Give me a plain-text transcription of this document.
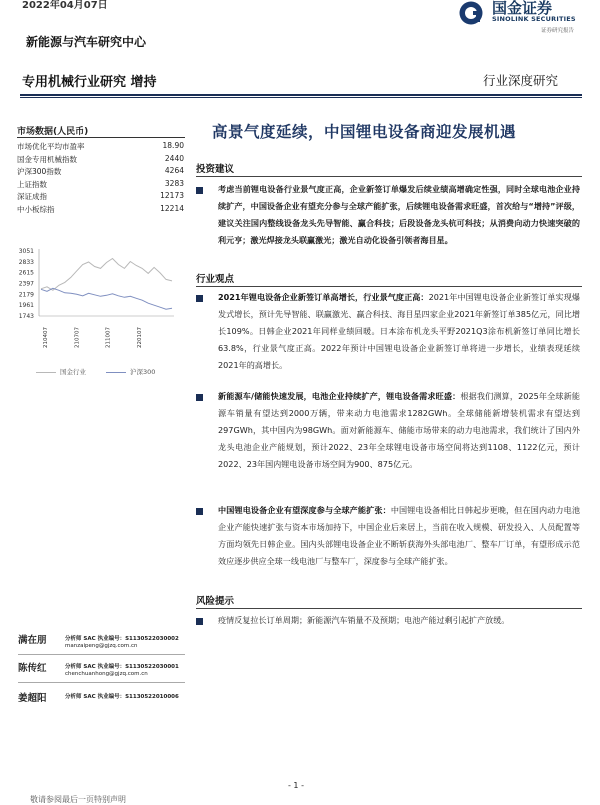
2022年04月07日
新能源与汽车研究中心
国金证券
SINOLINK SECURITIES
证券研究报告
专用机械行业研究 增持	行业深度研究
市场数据(人民币)
市场优化平均市盈率	18.90
国金专用机械指数	2440
沪深300指数	4264
上证指数	3283
深证成指	12173
中小板综指	12214
3051
2833
2615
2397
2179
1961
1743
210407	210707	211007	220107
国金行业	沪深300
高景气度延续，中国锂电设备商迎发展机遇
投资建议
考虑当前锂电设备行业景气度正高，企业新签订单爆发后续业绩高增确定性强，同时全球电池企业持续扩产，中国设备企业有望充分参与全球产能扩张，后续锂电设备需求旺盛，首次给与“增持”评级，建议关注国内整线设备龙头先导智能、赢合科技；后段设备龙头杭可科技；从消费向动力快速突破的利元亨；激光焊接龙头联赢激光；激光自动化设备引领者海目星。
行业观点
2021年锂电设备企业新签订单高增长，行业景气度正高：2021年中国锂电设备企业新签订单实现爆发式增长，预计先导智能、联赢激光、赢合科技、海目星四家企业2021年新签订单385亿元，同比增长109%。日韩企业2021年同样业绩回暖。日本涂布机龙头平野2021Q3涂布机新签订单同比增长63.8%，行业景气度正高。2022年预计中国锂电设备企业新签订单将进一步增长，业绩表现延续2021年的高增长。
新能源车/储能快速发展，电池企业持续扩产，锂电设备需求旺盛：根据我们测算，2025年全球新能源车销量有望达到2000万辆，带来动力电池需求1282GWh。全球储能新增装机需求有望达到297GWh，其中国内为98GWh。面对新能源车、储能市场带来的动力电池需求，我们统计了国内外龙头电池企业产能规划，预计2022、23年全球锂电设备市场空间将达到1108、1122亿元，预计2022、23年国内锂电设备市场空间为900、875亿元。
中国锂电设备企业有望深度参与全球产能扩张：中国锂电设备相比日韩起步更晚，但在国内动力电池企业产能快速扩张与资本市场加持下，中国企业后来居上，当前在收入规模、研发投入、人员配置等方面均领先日韩企业。国内头部锂电设备企业不断斩获海外头部电池厂、整车厂订单，有望形成示范效应逐步供应全球一线电池厂与整车厂，深度参与全球产能扩张。
风险提示
疫情反复拉长订单周期；新能源汽车销量不及预期；电池产能过剩引起扩产放缓。
满在朋	分析师 SAC 执业编号：S1130522030002
manzaipeng@gjzq.com.cn
陈传红	分析师 SAC 执业编号：S1130522030001
chenchuanhong@gjzq.com.cn
姜超阳	分析师 SAC 执业编号：S1130522010006
- 1 -
敬请参阅最后一页特别声明
